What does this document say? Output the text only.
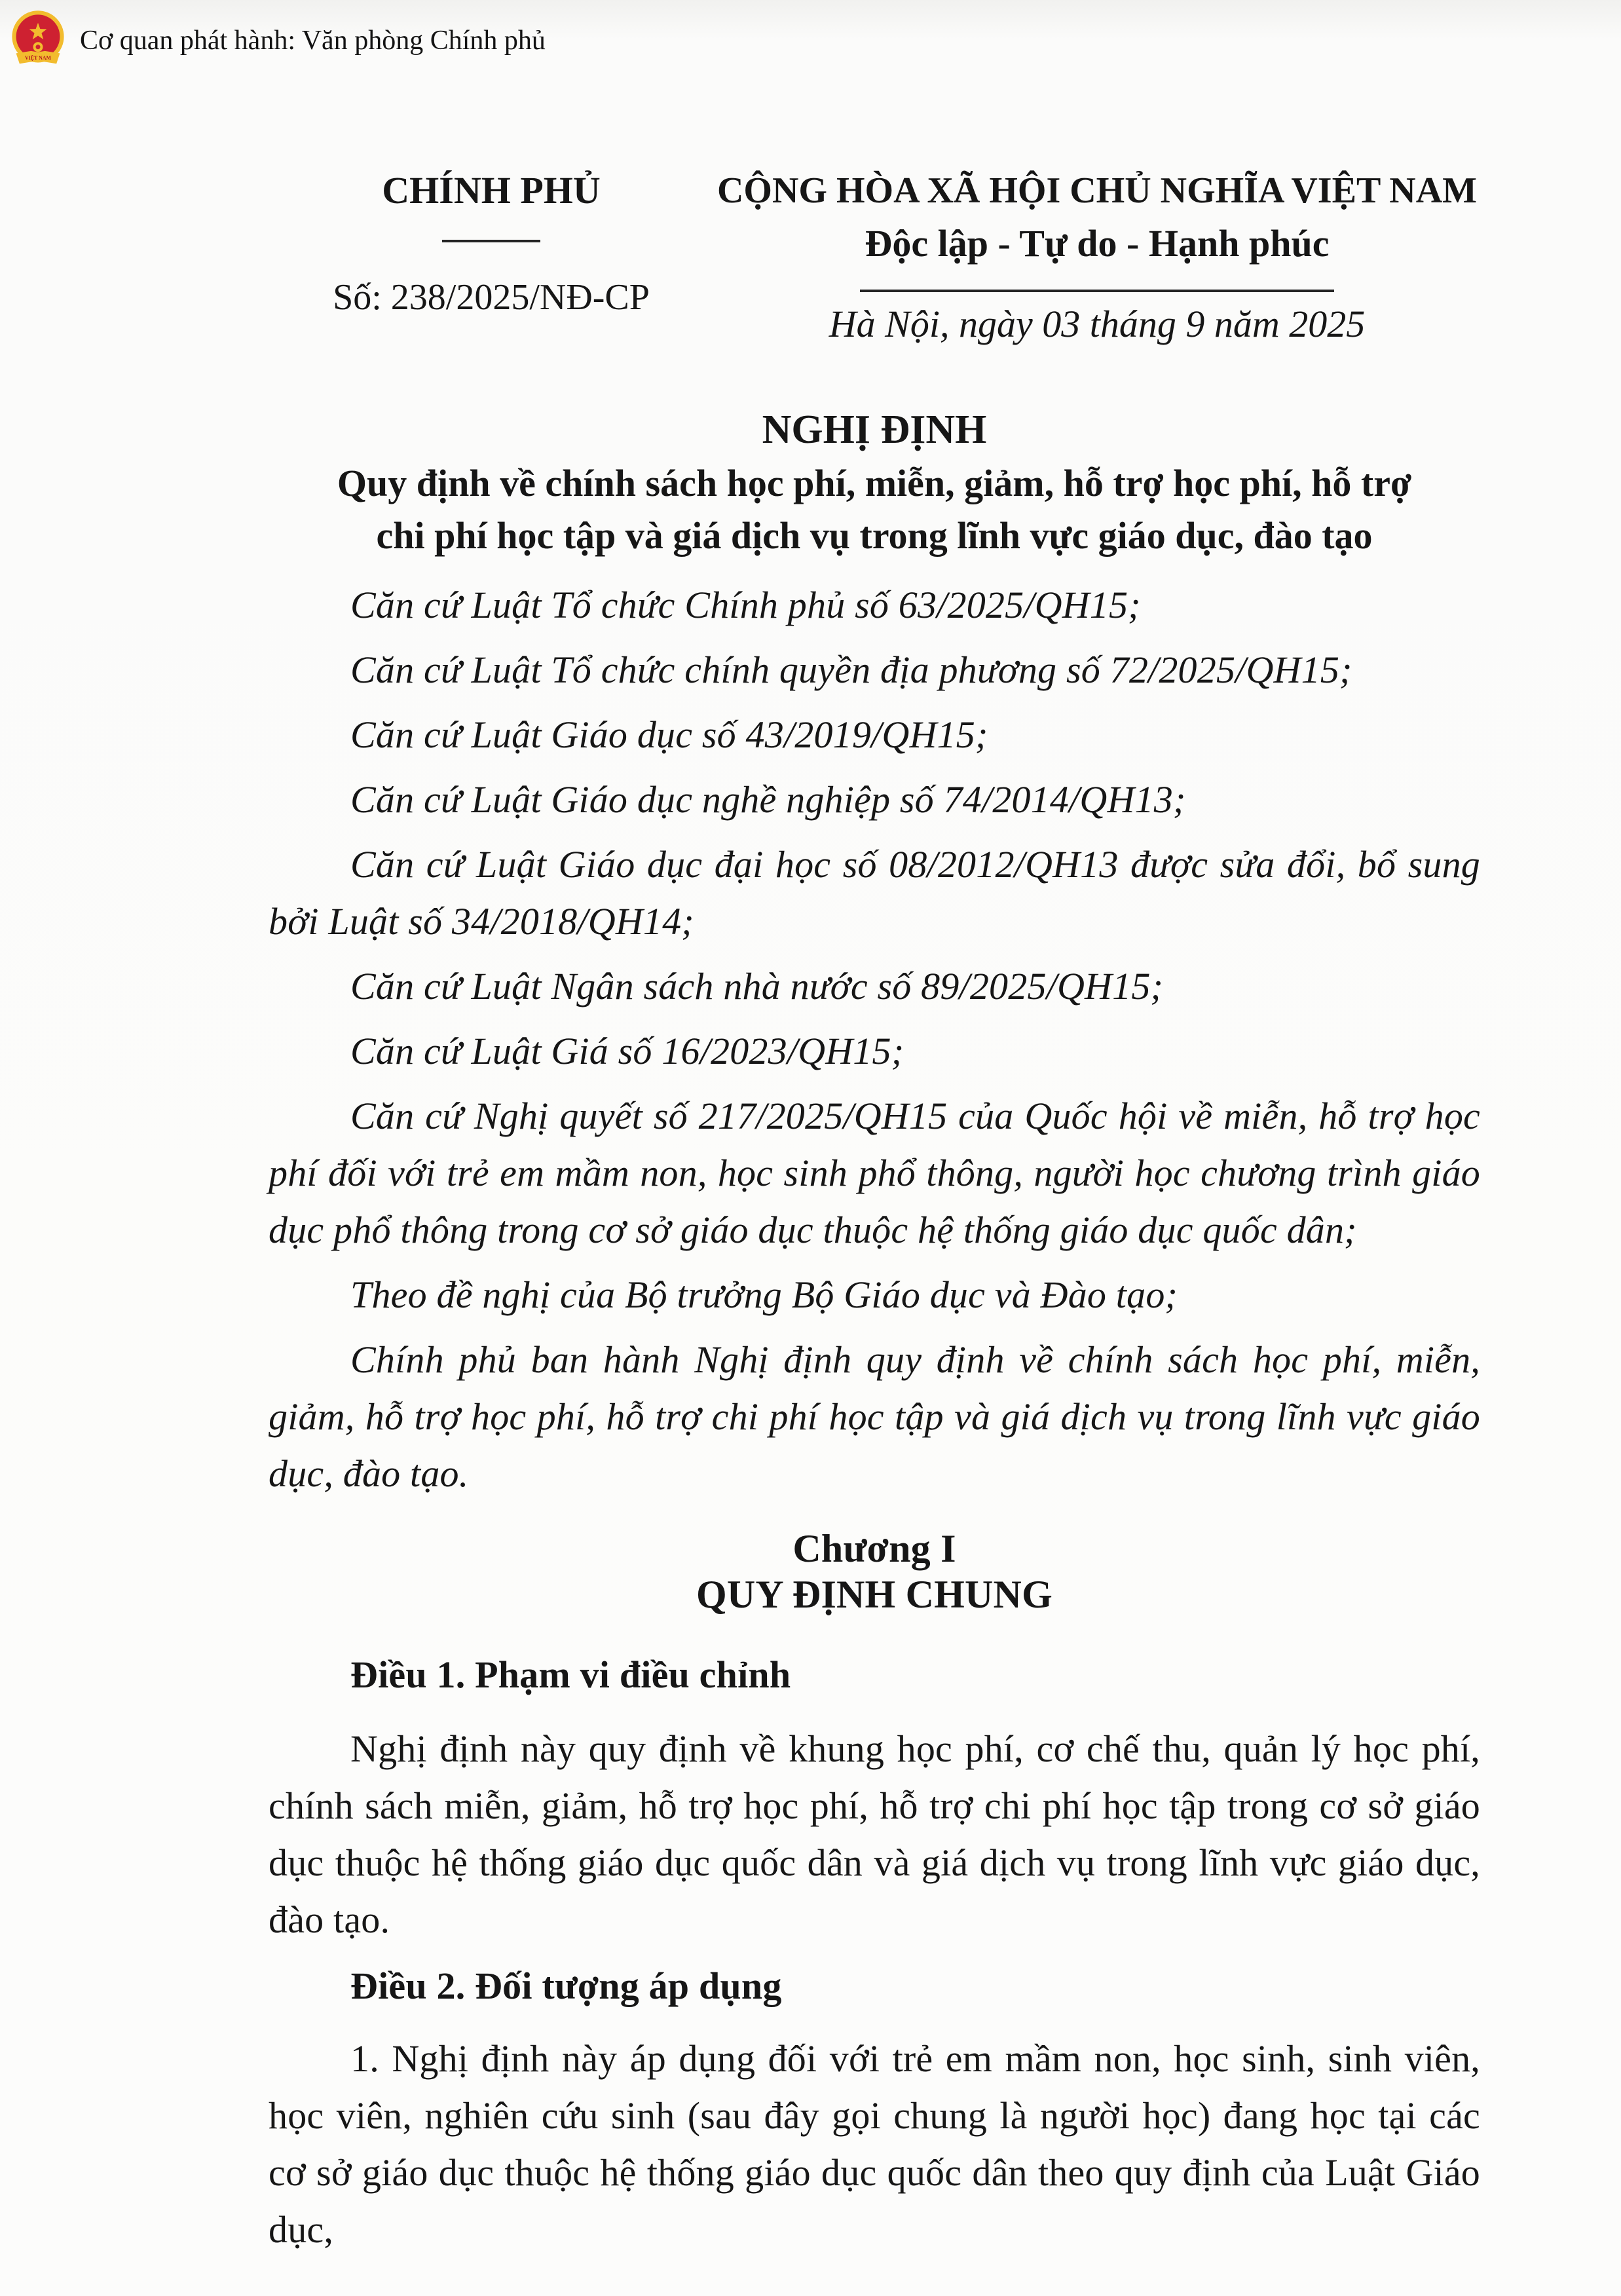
VIỆT NAM
Cơ quan phát hành: Văn phòng Chính phủ
CHÍNH PHỦ
Số: 238/2025/NĐ-CP
CỘNG HÒA XÃ HỘI CHỦ NGHĨA VIỆT NAM
Độc lập - Tự do - Hạnh phúc
Hà Nội, ngày 03 tháng 9 năm 2025
NGHỊ ĐỊNH
Quy định về chính sách học phí, miễn, giảm, hỗ trợ học phí, hỗ trợ
chi phí học tập và giá dịch vụ trong lĩnh vực giáo dục, đào tạo

Căn cứ Luật Tổ chức Chính phủ số 63/2025/QH15;

Căn cứ Luật Tổ chức chính quyền địa phương số 72/2025/QH15;

Căn cứ Luật Giáo dục số 43/2019/QH15;

Căn cứ Luật Giáo dục nghề nghiệp số 74/2014/QH13;

Căn cứ Luật Giáo dục đại học số 08/2012/QH13 được sửa đổi, bổ sung bởi Luật số 34/2018/QH14;

Căn cứ Luật Ngân sách nhà nước số 89/2025/QH15;

Căn cứ Luật Giá số 16/2023/QH15;

Căn cứ Nghị quyết số 217/2025/QH15 của Quốc hội về miễn, hỗ trợ học phí đối với trẻ em mầm non, học sinh phổ thông, người học chương trình giáo dục phổ thông trong cơ sở giáo dục thuộc hệ thống giáo dục quốc dân;

Theo đề nghị của Bộ trưởng Bộ Giáo dục và Đào tạo;

Chính phủ ban hành Nghị định quy định về chính sách học phí, miễn, giảm, hỗ trợ học phí, hỗ trợ chi phí học tập và giá dịch vụ trong lĩnh vực giáo dục, đào tạo.

Chương I
QUY ĐỊNH CHUNG

Điều 1. Phạm vi điều chỉnh

Nghị định này quy định về khung học phí, cơ chế thu, quản lý học phí, chính sách miễn, giảm, hỗ trợ học phí, hỗ trợ chi phí học tập trong cơ sở giáo dục thuộc hệ thống giáo dục quốc dân và giá dịch vụ trong lĩnh vực giáo dục, đào tạo.

Điều 2. Đối tượng áp dụng

1. Nghị định này áp dụng đối với trẻ em mầm non, học sinh, sinh viên, học viên, nghiên cứu sinh (sau đây gọi chung là người học) đang học tại các cơ sở giáo dục thuộc hệ thống giáo dục quốc dân theo quy định của Luật Giáo dục,
